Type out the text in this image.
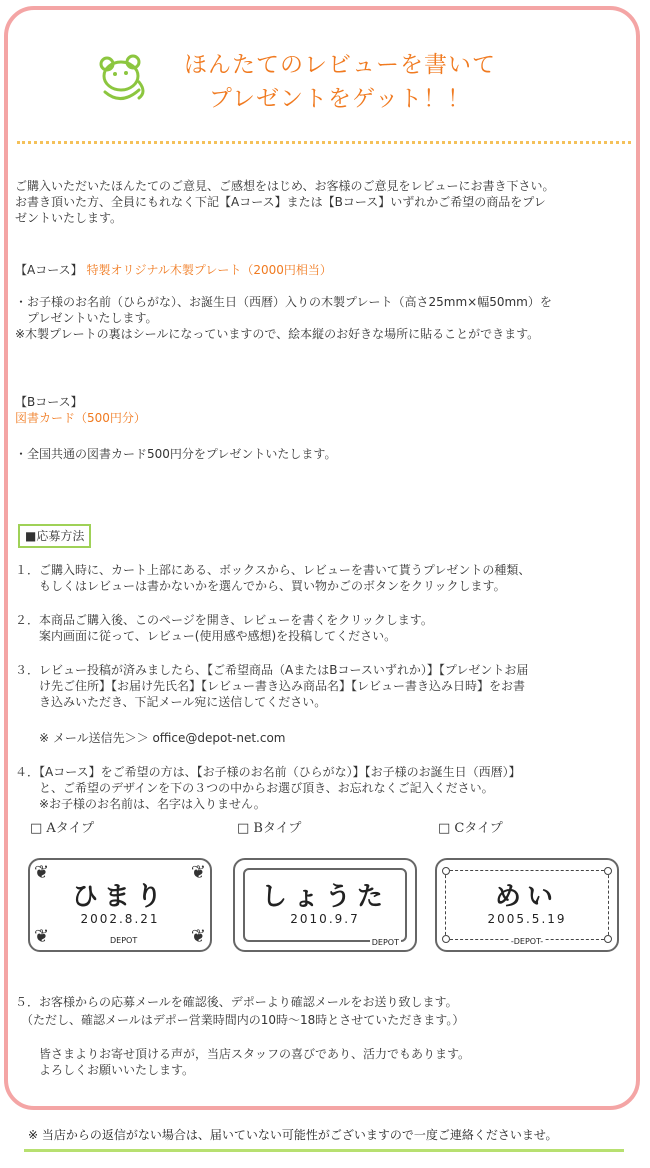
ほんたてのレビューを書いて
プレゼントをゲット！！
ご購入いただいたほんたてのご意見、ご感想をはじめ、お客様のご意見をレビューにお書き下さい。
お書き頂いた方、全員にもれなく下記【Aコース】または【Bコース】いずれかご希望の商品をプレ
ゼントいたします。
【Aコース】 特製オリジナル木製プレート（2000円相当）
・お子様のお名前（ひらがな）、お誕生日（西暦）入りの木製プレート（高さ25mm×幅50mm）を
　プレゼントいたします。
※木製プレートの裏はシールになっていますので、絵本縦のお好きな場所に貼ることができます。
【Bコース】
図書カード（500円分）
・全国共通の図書カード500円分をプレゼントいたします。
■応募方法
１．ご購入時に、カート上部にある、ボックスから、レビューを書いて貰うプレゼントの種類、
　　もしくはレビューは書かないかを選んでから、買い物かごのボタンをクリックします。
２．本商品ご購入後、このページを開き、レビューを書くをクリックします。
　　案内画面に従って、レビュー(使用感や感想)を投稿してください。
３．レビュー投稿が済みましたら、【ご希望商品（AまたはBコースいずれか）】【プレゼントお届
　　け先ご住所】【お届け先氏名】【レビュー書き込み商品名】【レビュー書き込み日時】をお書
　　き込みいただき、下記メール宛に送信してください。
　　※ メール送信先＞＞ office@depot-net.com
４．【Aコース】をご希望の方は、【お子様のお名前（ひらがな）】【お子様のお誕生日（西暦）】
　　と、ご希望のデザインを下の３つの中からお選び頂き、お忘れなくご記入ください。
　　※お子様のお名前は、名字は入りません。
□ Aタイプ	□ Bタイプ	□ Cタイプ
❦	❦
❦	❦
ひまり
2002.8.21
DEPOT
しょうた
2010.9.7
DEPOT
めい
2005.5.19
-DEPOT-
５．お客様からの応募メールを確認後、デポーより確認メールをお送り致します。
　（ただし、確認メールはデポー営業時間内の10時～18時とさせていただきます。）
　　皆さまよりお寄せ頂ける声が，当店スタッフの喜びであり、活力でもあります。
　　よろしくお願いいたします。
※ 当店からの返信がない場合は、届いていない可能性がございますので一度ご連絡くださいませ。
